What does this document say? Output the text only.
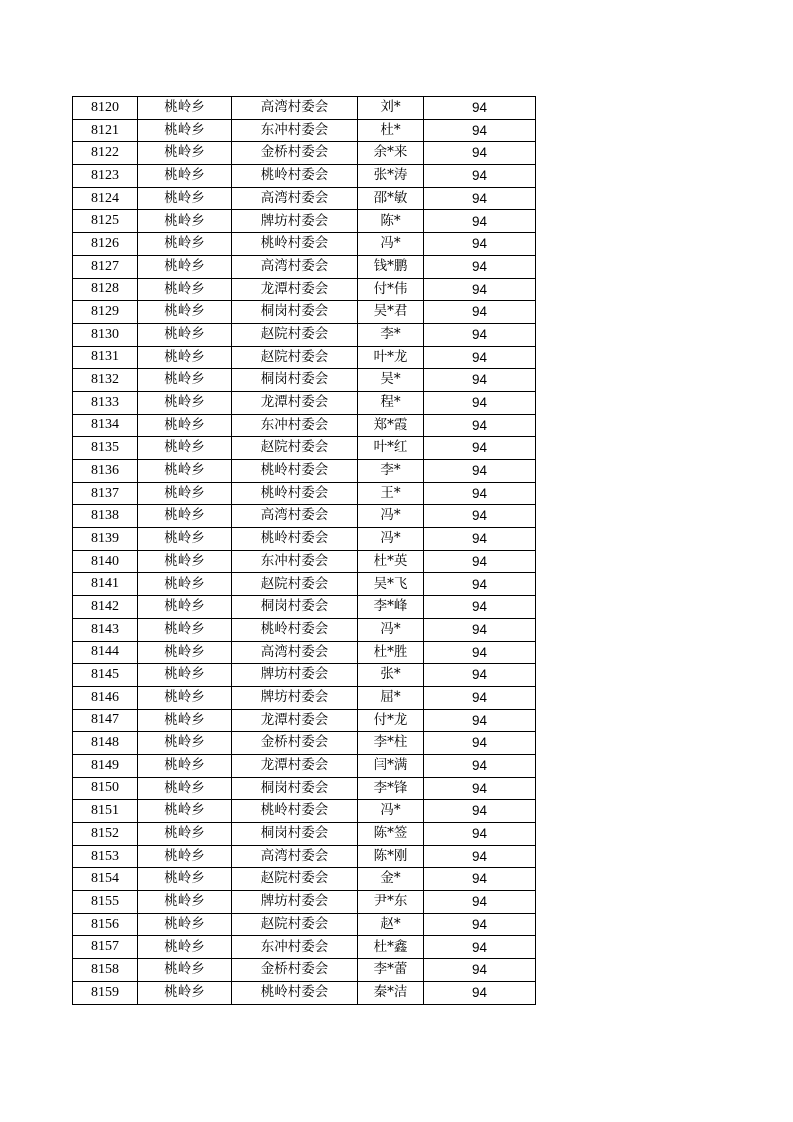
8120	桃岭乡	高湾村委会	刘*	94
8121	桃岭乡	东冲村委会	杜*	94
8122	桃岭乡	金桥村委会	余*来	94
8123	桃岭乡	桃岭村委会	张*涛	94
8124	桃岭乡	高湾村委会	邵*敏	94
8125	桃岭乡	牌坊村委会	陈*	94
8126	桃岭乡	桃岭村委会	冯*	94
8127	桃岭乡	高湾村委会	钱*鹏	94
8128	桃岭乡	龙潭村委会	付*伟	94
8129	桃岭乡	桐岗村委会	吴*君	94
8130	桃岭乡	赵院村委会	李*	94
8131	桃岭乡	赵院村委会	叶*龙	94
8132	桃岭乡	桐岗村委会	吴*	94
8133	桃岭乡	龙潭村委会	程*	94
8134	桃岭乡	东冲村委会	郑*霞	94
8135	桃岭乡	赵院村委会	叶*红	94
8136	桃岭乡	桃岭村委会	李*	94
8137	桃岭乡	桃岭村委会	王*	94
8138	桃岭乡	高湾村委会	冯*	94
8139	桃岭乡	桃岭村委会	冯*	94
8140	桃岭乡	东冲村委会	杜*英	94
8141	桃岭乡	赵院村委会	吴*飞	94
8142	桃岭乡	桐岗村委会	李*峰	94
8143	桃岭乡	桃岭村委会	冯*	94
8144	桃岭乡	高湾村委会	杜*胜	94
8145	桃岭乡	牌坊村委会	张*	94
8146	桃岭乡	牌坊村委会	屈*	94
8147	桃岭乡	龙潭村委会	付*龙	94
8148	桃岭乡	金桥村委会	李*柱	94
8149	桃岭乡	龙潭村委会	闫*满	94
8150	桃岭乡	桐岗村委会	李*锋	94
8151	桃岭乡	桃岭村委会	冯*	94
8152	桃岭乡	桐岗村委会	陈*签	94
8153	桃岭乡	高湾村委会	陈*刚	94
8154	桃岭乡	赵院村委会	金*	94
8155	桃岭乡	牌坊村委会	尹*东	94
8156	桃岭乡	赵院村委会	赵*	94
8157	桃岭乡	东冲村委会	杜*鑫	94
8158	桃岭乡	金桥村委会	李*蕾	94
8159	桃岭乡	桃岭村委会	秦*洁	94
